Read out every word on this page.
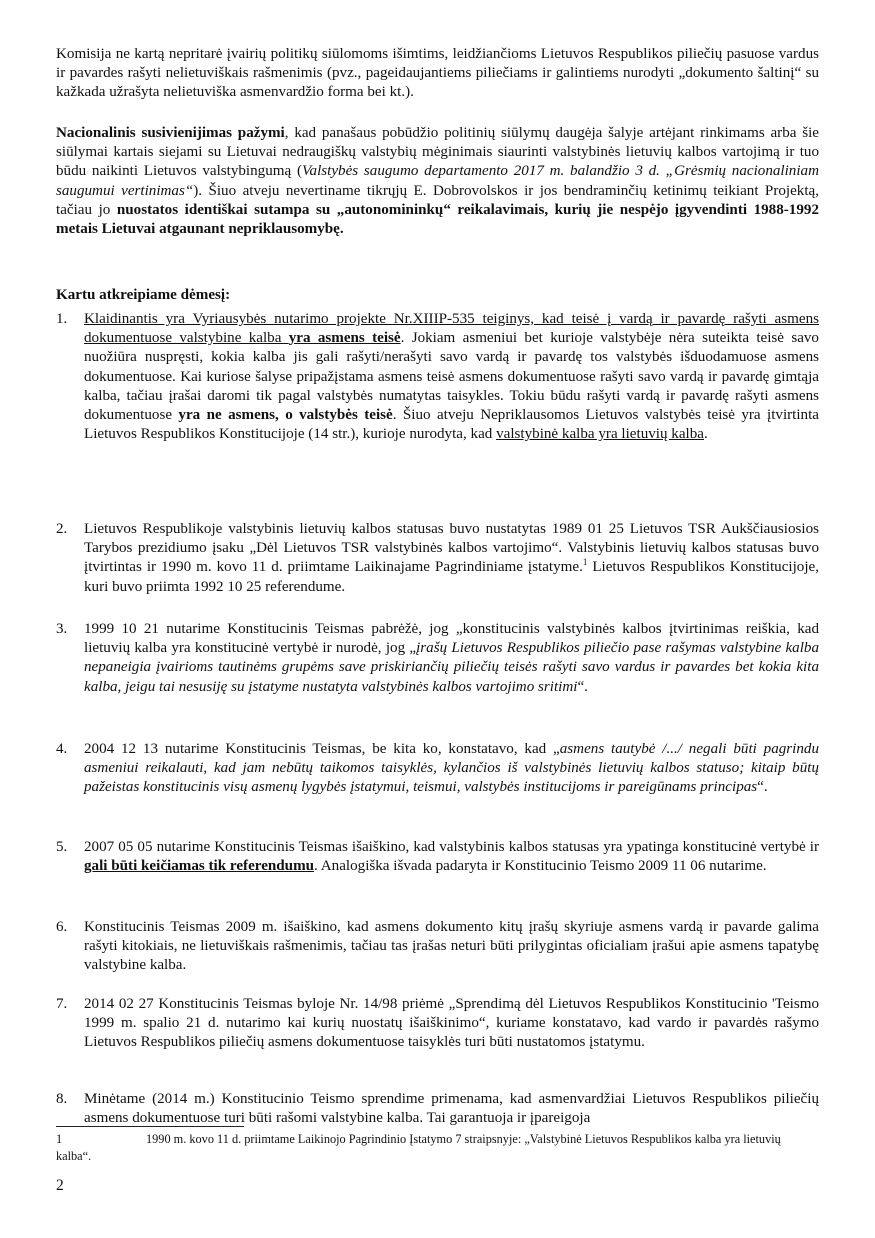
Komisija ne kartą nepritarė įvairių politikų siūlomoms išimtims, leidžiančioms Lietuvos Respublikos piliečių pasuose vardus ir pavardes rašyti nelietuviškais rašmenimis (pvz., pageidaujantiems piliečiams ir galintiems nurodyti „dokumento šaltinį“ su kažkada užrašyta nelietuviška asmenvardžio forma bei kt.).

Nacionalinis susivienijimas pažymi, kad panašaus pobūdžio politinių siūlymų daugėja šalyje artėjant rinkimams arba šie siūlymai kartais siejami su Lietuvai nedraugiškų valstybių mėginimais siaurinti valstybinės lietuvių kalbos vartojimą ir tuo būdu naikinti Lietuvos valstybingumą (Valstybės saugumo departamento 2017 m. balandžio 3 d. „Grėsmių nacionaliniam saugumui vertinimas“). Šiuo atveju nevertiname tikrųjų E. Dobrovolskos ir jos bendraminčių ketinimų teikiant Projektą, tačiau jo nuostatos identiškai sutampa su „autonomininkų“ reikalavimais, kurių jie nespėjo įgyvendinti 1988-1992 metais Lietuvai atgaunant nepriklausomybę.

Kartu atkreipiame dėmesį:

1. Klaidinantis yra Vyriausybės nutarimo projekte Nr.XIIIP-535 teiginys, kad teisė į vardą ir pavardę rašyti asmens dokumentuose valstybine kalba yra asmens teisė. Jokiam asmeniui bet kurioje valstybėje nėra suteikta teisė savo nuožiūra nuspręsti, kokia kalba jis gali rašyti/nerašyti savo vardą ir pavardę tos valstybės išduodamuose asmens dokumentuose. Kai kuriose šalyse pripažįstama asmens teisė asmens dokumentuose rašyti savo vardą ir pavardę gimtąja kalba, tačiau įrašai daromi tik pagal valstybės numatytas taisykles. Tokiu būdu rašyti vardą ir pavardę rašyti asmens dokumentuose yra ne asmens, o valstybės teisė. Šiuo atveju Nepriklausomos Lietuvos valstybės teisė yra įtvirtinta Lietuvos Respublikos Konstitucijoje (14 str.), kurioje nurodyta, kad valstybinė kalba yra lietuvių kalba.

2. Lietuvos Respublikoje valstybinis lietuvių kalbos statusas buvo nustatytas 1989 01 25 Lietuvos TSR Aukščiausiosios Tarybos prezidiumo įsaku „Dėl Lietuvos TSR valstybinės kalbos vartojimo“. Valstybinis lietuvių kalbos statusas buvo įtvirtintas ir 1990 m. kovo 11 d. priimtame Laikinajame Pagrindiniame įstatyme.$^1$ Lietuvos Respublikos Konstitucijoje, kuri buvo priimta 1992 10 25 referendume.

3. 1999 10 21 nutarime Konstitucinis Teismas pabrėžė, jog „konstitucinis valstybinės kalbos įtvirtinimas reiškia, kad lietuvių kalba yra konstitucinė vertybė ir nurodė, jog „įrašų Lietuvos Respublikos piliečio pase rašymas valstybine kalba nepaneigia įvairioms tautinėms grupėms save priskiriančių piliečių teisės rašyti savo vardus ir pavardes bet kokia kita kalba, jeigu tai nesusiję su įstatyme nustatyta valstybinės kalbos vartojimo sritimi“.

4. 2004 12 13 nutarime Konstitucinis Teismas, be kita ko, konstatavo, kad „asmens tautybė /.../ negali būti pagrindu asmeniui reikalauti, kad jam nebūtų taikomos taisyklės, kylančios iš valstybinės lietuvių kalbos statuso; kitaip būtų pažeistas konstitucinis visų asmenų lygybės įstatymui, teismui, valstybės institucijoms ir pareigūnams principas“.

5. 2007 05 05 nutarime Konstitucinis Teismas išaiškino, kad valstybinis kalbos statusas yra ypatinga konstitucinė vertybė ir gali būti keičiamas tik referendumu. Analogiška išvada padaryta ir Konstitucinio Teismo 2009 11 06 nutarime.

6. Konstitucinis Teismas 2009 m. išaiškino, kad asmens dokumento kitų įrašų skyriuje asmens vardą ir pavarde galima rašyti kitokiais, ne lietuviškais rašmenimis, tačiau tas įrašas neturi būti prilygintas oficialiam įrašui apie asmens tapatybę valstybine kalba.

7. 2014 02 27 Konstitucinis Teismas byloje Nr. 14/98 priėmė „Sprendimą dėl Lietuvos Respublikos Konstitucinio 'Teismo 1999 m. spalio 21 d. nutarimo kai kurių nuostatų išaiškinimo“, kuriame konstatavo, kad vardo ir pavardės rašymo Lietuvos Respublikos piliečių asmens dokumentuose taisyklės turi būti nustatomos įstatymu.

8. Minėtame (2014 m.) Konstitucinio Teismo sprendime primenama, kad asmenvardžiai Lietuvos Respublikos piliečių asmens dokumentuose turi būti rašomi valstybine kalba. Tai garantuoja ir įpareigoja

1	1990 m. kovo 11 d. priimtame Laikinojo Pagrindinio Įstatymo 7 straipsnyje: „Valstybinė Lietuvos Respublikos kalba yra lietuvių kalba“.
2
